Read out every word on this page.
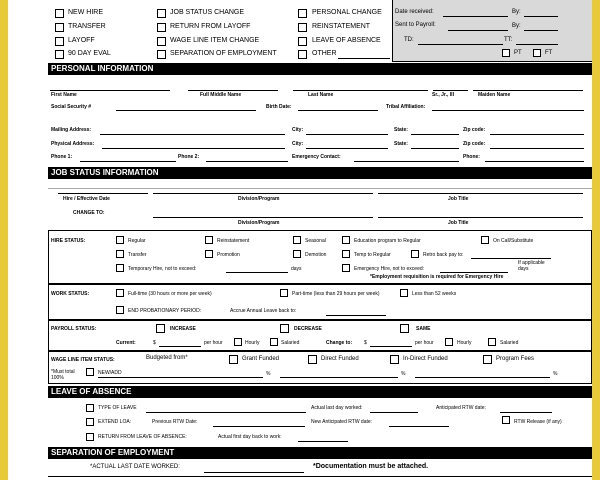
NEW HIRE
TRANSFER
LAYOFF
90 DAY EVAL
JOB STATUS CHANGE
RETURN FROM LAYOFF
WAGE LINE ITEM CHANGE
SEPARATION OF EMPLOYMENT
PERSONAL CHANGE
REINSTATEMENT
LEAVE OF ABSENCE
OTHER
Date received:	By:
Sent to Payroll:	By:
TD:	TT:
PT	FT
PERSONAL INFORMATION
First Name	Full Middle Name	Last Name	Sr., Jr., III	Maiden Name
Social Security #	Birth Date:	Tribal Affiliation:
Mailing Address:	City:	State:	Zip code:
Physical Address:	City:	State:	Zip code:
Phone 1:	Phone 2:	Emergency Contact:	Phone:
JOB STATUS INFORMATION
Hire / Effective Date	Division/Program	Job Title
CHANGE TO:
Division/Program	Job Title
HIRE STATUS:	Regular	Reinstatement	Seasonal	Education program to Regular	On Call/Substitute
Transfer	Promotion	Demotion	Temp to Regular	Retro back pay to:
If applicable
Temporary Hire, not to exceed:	days	Emergency Hire, not to exceed:	days
*Employment requisition is required for Emergency Hire
WORK STATUS:	Full-time (30 hours or more per week)	Part-time (less than 29 hours per week)	Less than 52 weeks
END PROBATIONARY PERIOD:	Accrue Annual Leave back to:
PAYROLL STATUS:	INCREASE	DECREASE	SAME
Current:	$	per hour	Hourly	Salaried	Change to: $	per hour	Hourly	Salaried
WAGE LINE ITEM STATUS:	Budgeted from*	Grant Funded	Direct Funded	In-Direct Funded	Program Fees
*Must total 100%
NEW/ADD	%	%	%
LEAVE OF ABSENCE
TYPE OF LEAVE	Actual last day worked:	Anticipated RTW date:
EXTEND LOA:	Previous RTW Date:	New Anticipated RTW date:	RTW Release (if any)
RETURN FROM LEAVE OF ABSENCE:	Actual first day back to work:
SEPARATION OF EMPLOYMENT
*ACTUAL LAST DATE WORKED:	*Documentation must be attached.
